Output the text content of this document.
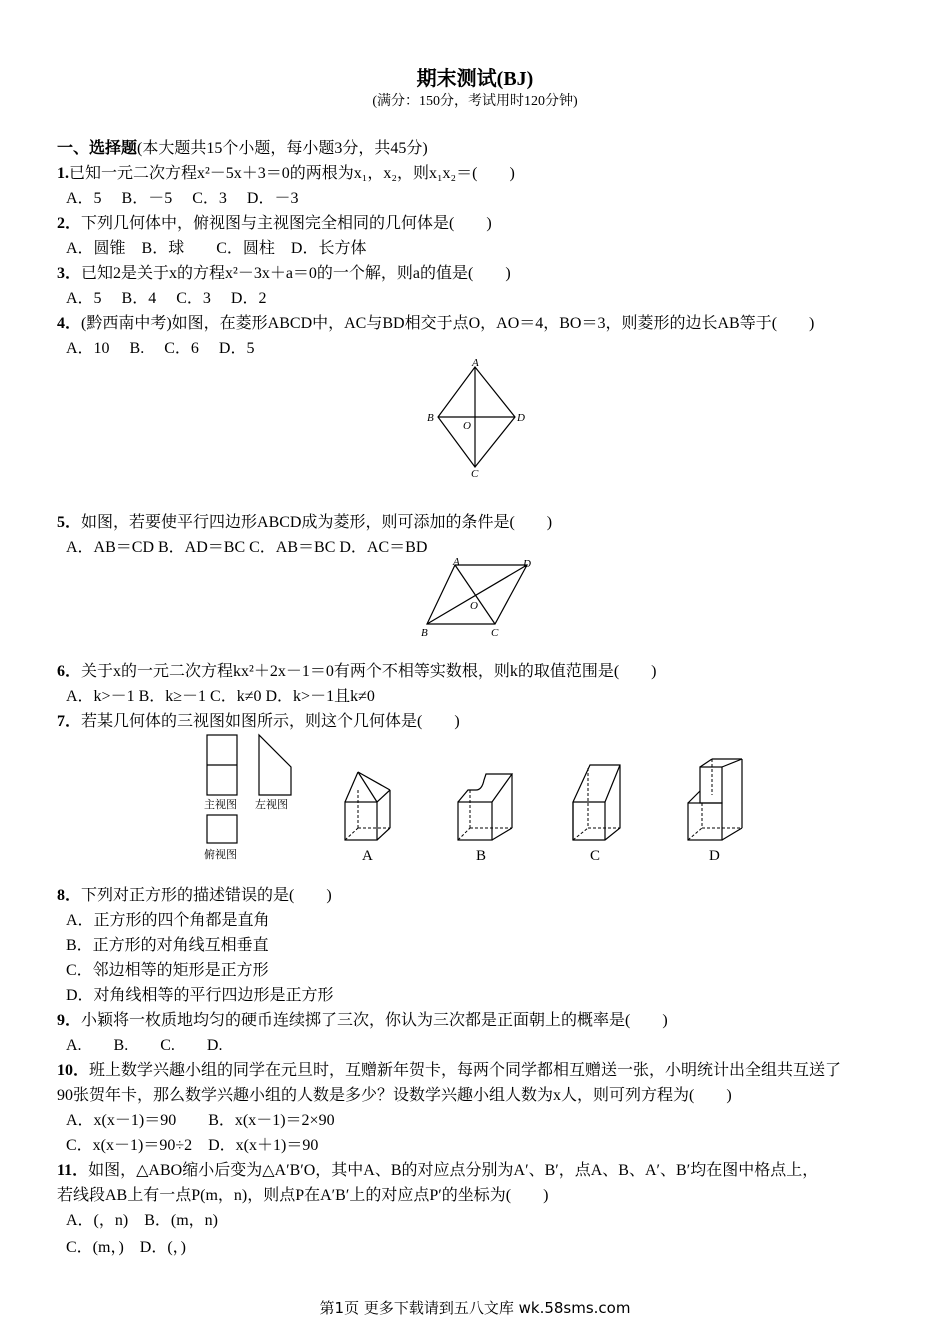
期末测试(BJ)
(满分：150分，考试用时120分钟)
一、选择题(本大题共15个小题，每小题3分，共45分)
1.已知一元二次方程x²－5x＋3＝0的两根为x₁，x₂，则x₁x₂＝(　　)
A．5　 B．－5　 C．3　 D．－3
2．下列几何体中，俯视图与主视图完全相同的几何体是(　　)
A．圆锥　B．球　　C．圆柱　D．长方体
3．已知2是关于x的方程x²－3x＋a＝0的一个解，则a的值是(　　)
A．5　 B．4　 C．3　 D．2
4．(黔西南中考)如图，在菱形ABCD中，AC与BD相交于点O，AO＝4，BO＝3，则菱形的边长AB等于(　　)
A．10　 B.　 C．6　 D．5
A
B	D
C
O
5．如图，若要使平行四边形ABCD成为菱形，则可添加的条件是(　　)
A．AB＝CD B．AD＝BC C．AB＝BC D．AC＝BD
A	D
B	C
O
6．关于x的一元二次方程kx²＋2x－1＝0有两个不相等实数根，则k的取值范围是(　　)
A．k>－1 B．k≥－1 C．k≠0 D．k>－1且k≠0
7．若某几何体的三视图如图所示，则这个几何体是(　　)
主视图 左视图
俯视图	A	B	C	D
8．下列对正方形的描述错误的是(　　)
A．正方形的四个角都是直角
B．正方形的对角线互相垂直
C．邻边相等的矩形是正方形
D．对角线相等的平行四边形是正方形
9．小颖将一枚质地均匀的硬币连续掷了三次，你认为三次都是正面朝上的概率是(　　)
A.　　B.　　C.　　D.
10．班上数学兴趣小组的同学在元旦时，互赠新年贺卡，每两个同学都相互赠送一张，小明统计出全组共互送了
90张贺年卡，那么数学兴趣小组的人数是多少？设数学兴趣小组人数为x人，则可列方程为(　　)
A．x(x－1)＝90　　B．x(x－1)＝2×90
C．x(x－1)＝90÷2　D．x(x＋1)＝90
11．如图，△ABO缩小后变为△A′B′O，其中A、B的对应点分别为A′、B′，点A、B、A′、B′均在图中格点上，
若线段AB上有一点P(m，n)，则点P在A′B′上的对应点P′的坐标为(　　)
A．(，n)　B．(m，n)
C．(m，)　D．(，)
第1页 更多下载请到五八文库 wk.58sms.com
